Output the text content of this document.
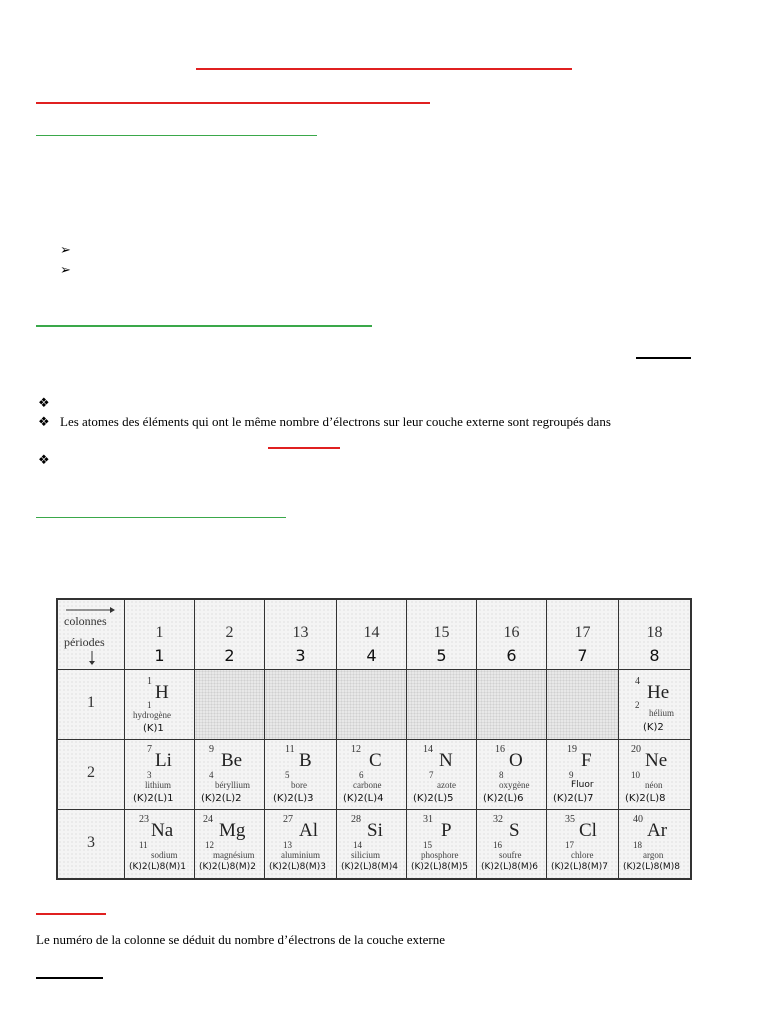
➢
➢
❖
❖ Les atomes des éléments qui ont le même nombre d’électrons sur leur couche externe sont regroupés dans
❖
colonnes
périodes
1
1
2
2
13
3
14
4
15
5
16
6
17
7
18
8
1
1
H
1
hydrogène
(K)1
4
He
2
hélium
(K)2
2
7
Li
3
lithium
(K)2(L)1
9
Be
4
béryllium
(K)2(L)2
11
B
5
bore
(K)2(L)3
12
C
6
carbone
(K)2(L)4
14
N
7
azote
(K)2(L)5
16
O
8
oxygène
(K)2(L)6
19
F
9
Fluor
(K)2(L)7
20
Ne
10
néon
(K)2(L)8
3
23
Na
11
sodium
(K)2(L)8(M)1
24
Mg
12
magnésium
(K)2(L)8(M)2
27
Al
13
aluminium
(K)2(L)8(M)3
28
Si
14
silicium
(K)2(L)8(M)4
31
P
15
phosphore
(K)2(L)8(M)5
32
S
16
soufre
(K)2(L)8(M)6
35
Cl
17
chlore
(K)2(L)8(M)7
40
Ar
18
argon
(K)2(L)8(M)8
Le numéro de la colonne se déduit du nombre d’électrons de la couche externe
